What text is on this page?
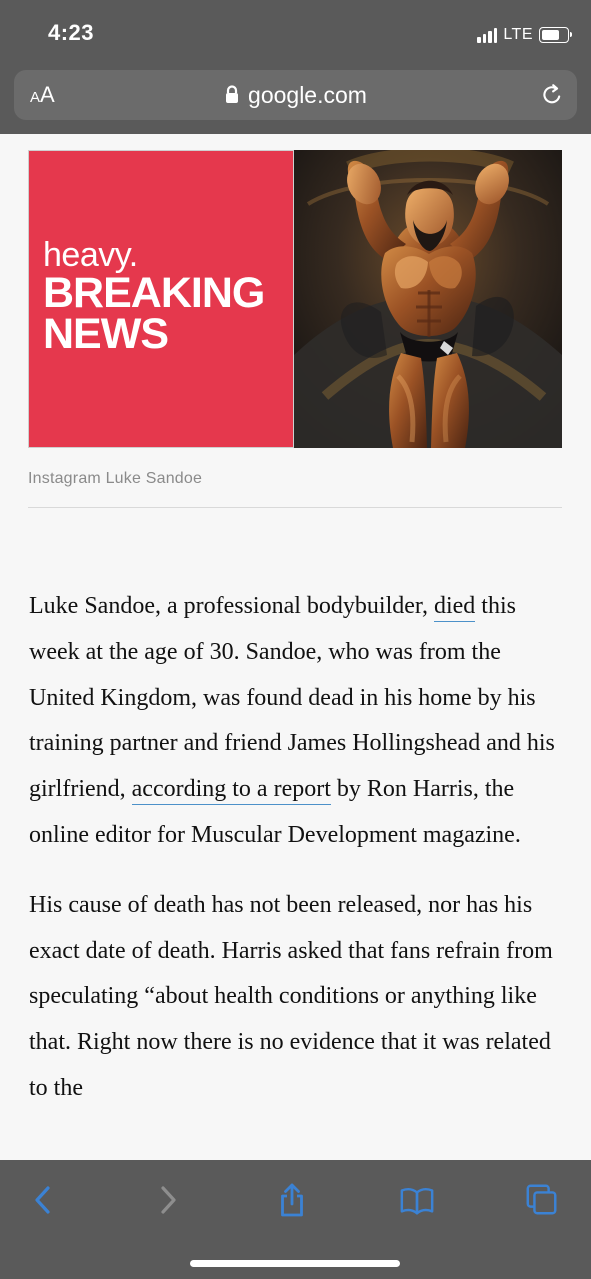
4:23	LTE
A A	google.com
heavy.
BREAKING
NEWS
Instagram Luke Sandoe

Luke Sandoe, a professional bodybuilder, died this week at the age of 30. Sandoe, who was from the United Kingdom, was found dead in his home by his training partner and friend James Hollingshead and his girlfriend, according to a report by Ron Harris, the online editor for Muscular Development magazine.

His cause of death has not been released, nor has his exact date of death. Harris asked that fans refrain from speculating “about health conditions or anything like that. Right now there is no evidence that it was related to the
